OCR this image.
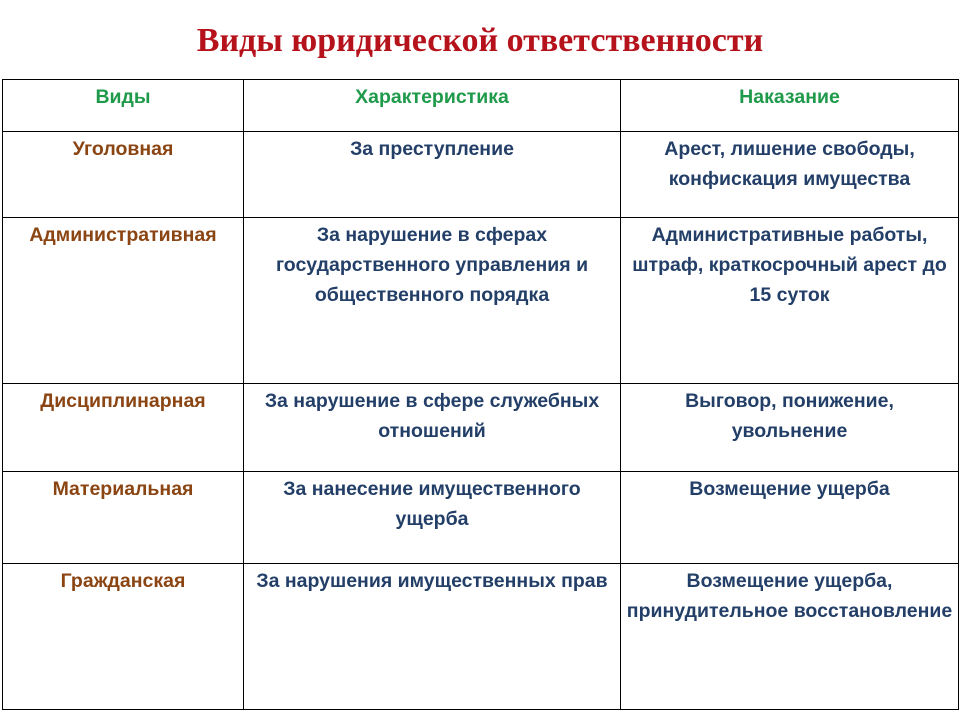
Виды юридической ответственности
Виды	Характеристика	Наказание
Уголовная	За преступление	Арест, лишение свободы, конфискация имущества
Административная	За нарушение в сферах государственного управления и общественного порядка	Административные работы, штраф, краткосрочный арест до 15 суток
Дисциплинарная	За нарушение в сфере служебных отношений	Выговор, понижение, увольнение
Материальная	За нанесение имущественного ущерба	Возмещение ущерба
Гражданская	За нарушения имущественных прав	Возмещение ущерба, принудительное восстановление
